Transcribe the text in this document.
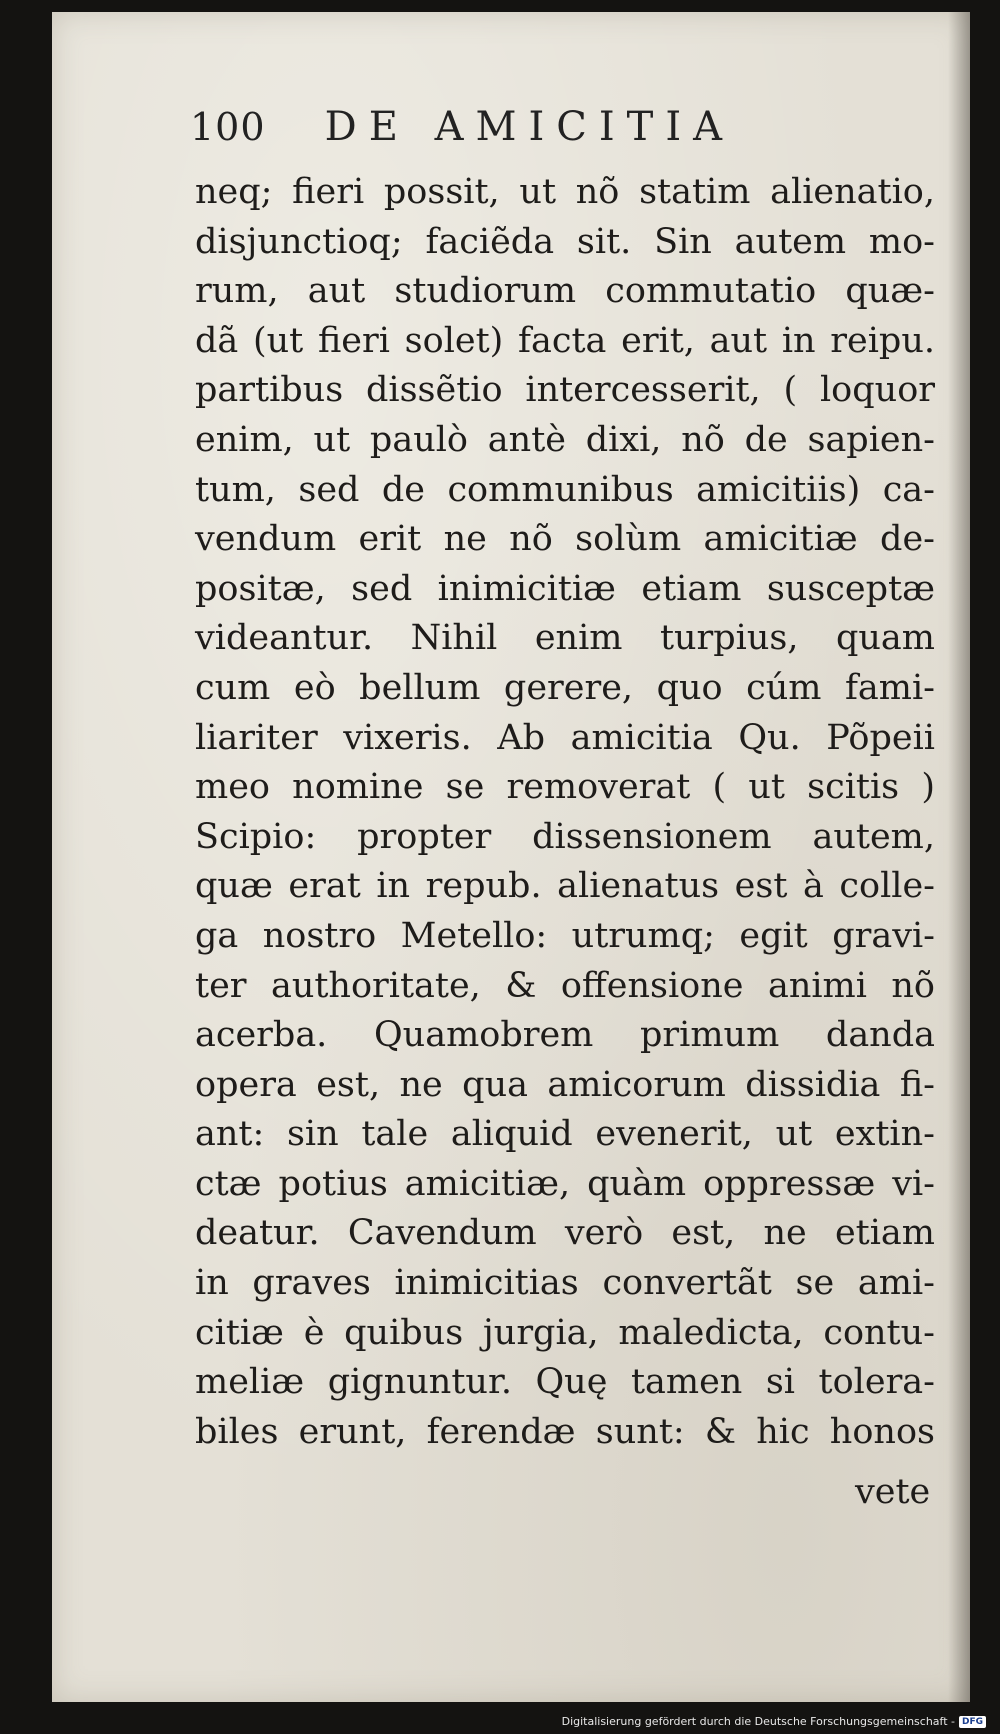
100 DE AMICITIA
neq; fieri possit, ut nõ statim alienatio,
disjunctioq; faciẽda sit. Sin autem mo-
rum, aut studiorum commutatio quæ-
dã (ut fieri solet) facta erit, aut in reipu.
partibus dissẽtio intercesserit, ( loquor
enim, ut paulò antè dixi, nõ de sapien-
tum, sed de communibus amicitiis) ca-
vendum erit ne nõ solùm amicitiæ de-
positæ, sed inimicitiæ etiam susceptæ
videantur. Nihil enim turpius, quam
cum eò bellum gerere, quo cúm fami-
liariter vixeris. Ab amicitia Qu. Põpeii
meo nomine se removerat ( ut scitis )
Scipio: propter dissensionem autem,
quæ erat in repub. alienatus est à colle-
ga nostro Metello: utrumq; egit gravi-
ter authoritate, & offensione animi nõ
acerba. Quamobrem primum danda
opera est, ne qua amicorum dissidia fi-
ant: sin tale aliquid evenerit, ut extin-
ctæ potius amicitiæ, quàm oppressæ vi-
deatur. Cavendum verò est, ne etiam
in graves inimicitias convertãt se ami-
citiæ è quibus jurgia, maledicta, contu-
meliæ gignuntur. Quę tamen si tolera-
biles erunt, ferendæ sunt: & hic honos
vete
Digitalisierung gefördert durch die Deutsche Forschungsgemeinschaft - DFG
